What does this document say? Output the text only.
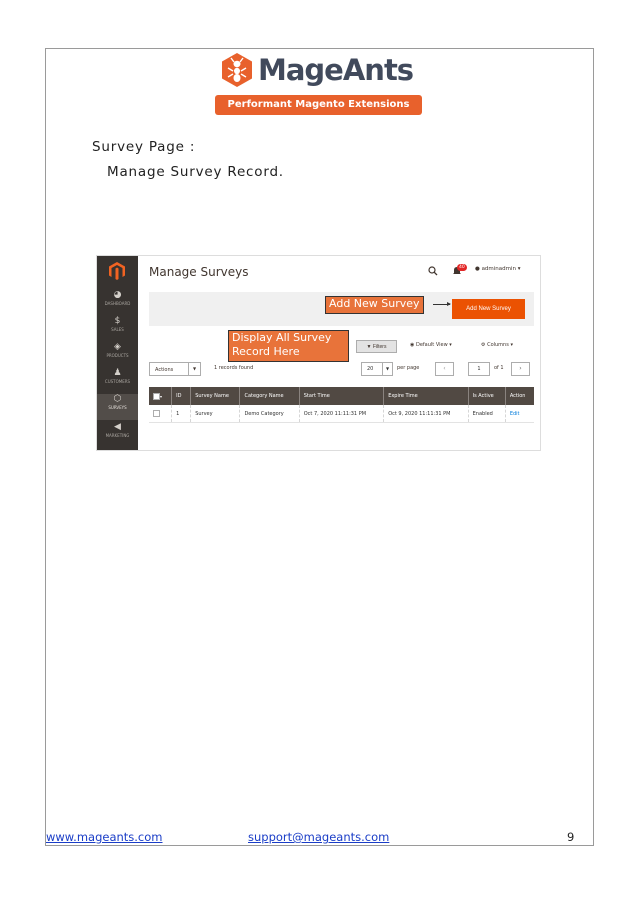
MageAnts
Performant Magento Extensions
Survey Page :
Manage Survey Record.
◕
DASHBOARD
$
SALES
◈
PRODUCTS
♟
CUSTOMERS
⬡
SURVEYS
◀
MARKETING
Manage Surveys	40	● adminadmin ▾
Add New Survey
Add New Survey
Display All Survey
Record Here	▼ Filters	◉ Default View ▾	⚙ Columns ▾
Actions	▼	1 records found	20	▼	per page	‹	1	of 1	›
▾	ID	Survey Name	Category Name	Start Time	Expire Time	Is Active	Action
	1	Survey	Demo Category	Oct 7, 2020 11:11:31 PM	Oct 9, 2020 11:11:31 PM	Enabled	Edit
www.mageants.com	support@mageants.com	9
